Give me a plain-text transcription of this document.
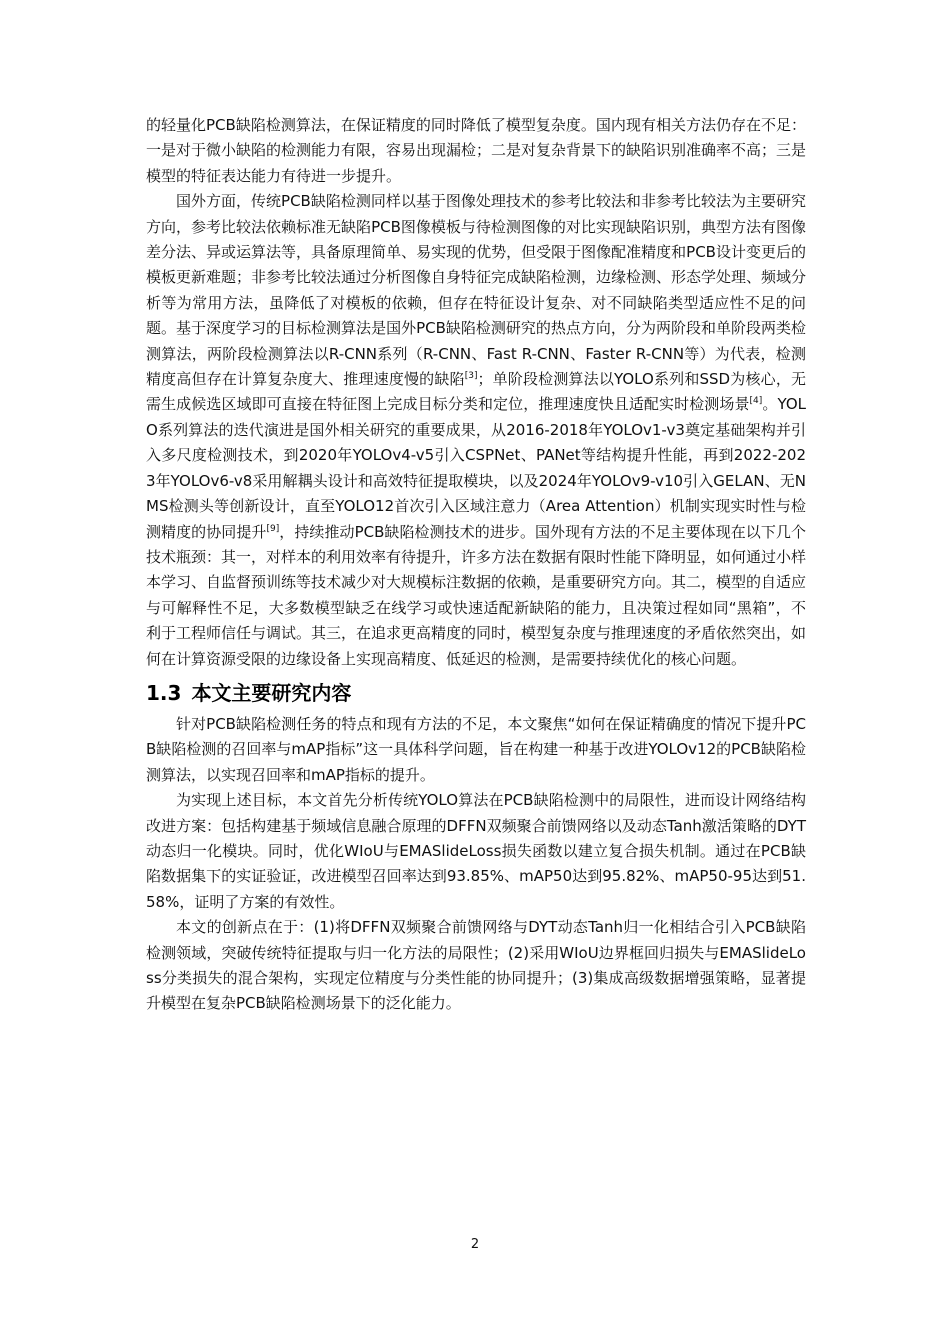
的轻量化PCB缺陷检测算法，在保证精度的同时降低了模型复杂度。国内现有相关方法仍存在不足：一是对于微小缺陷的检测能力有限，容易出现漏检；二是对复杂背景下的缺陷识别准确率不高；三是模型的特征表达能力有待进一步提升。

国外方面，传统PCB缺陷检测同样以基于图像处理技术的参考比较法和非参考比较法为主要研究方向，参考比较法依赖标准无缺陷PCB图像模板与待检测图像的对比实现缺陷识别，典型方法有图像差分法、异或运算法等，具备原理简单、易实现的优势，但受限于图像配准精度和PCB设计变更后的模板更新难题；非参考比较法通过分析图像自身特征完成缺陷检测，边缘检测、形态学处理、频域分析等为常用方法，虽降低了对模板的依赖，但存在特征设计复杂、对不同缺陷类型适应性不足的问题。基于深度学习的目标检测算法是国外PCB缺陷检测研究的热点方向，分为两阶段和单阶段两类检测算法，两阶段检测算法以R-CNN系列（R-CNN、Fast R-CNN、Faster R-CNN等）为代表，检测精度高但存在计算复杂度大、推理速度慢的缺陷[3]；单阶段检测算法以YOLO系列和SSD为核心，无需生成候选区域即可直接在特征图上完成目标分类和定位，推理速度快且适配实时检测场景[4]。YOLO系列算法的迭代演进是国外相关研究的重要成果，从2016-2018年YOLOv1-v3奠定基础架构并引入多尺度检测技术，到2020年YOLOv4-v5引入CSPNet、PANet等结构提升性能，再到2022-2023年YOLOv6-v8采用解耦头设计和高效特征提取模块，以及2024年YOLOv9-v10引入GELAN、无NMS检测头等创新设计，直至YOLO12首次引入区域注意力（Area Attention）机制实现实时性与检测精度的协同提升[9]，持续推动PCB缺陷检测技术的进步。国外现有方法的不足主要体现在以下几个技术瓶颈：其一，对样本的利用效率有待提升，许多方法在数据有限时性能下降明显，如何通过小样本学习、自监督预训练等技术减少对大规模标注数据的依赖，是重要研究方向。其二，模型的自适应与可解释性不足，大多数模型缺乏在线学习或快速适配新缺陷的能力，且决策过程如同“黑箱”，不利于工程师信任与调试。其三，在追求更高精度的同时，模型复杂度与推理速度的矛盾依然突出，如何在计算资源受限的边缘设备上实现高精度、低延迟的检测，是需要持续优化的核心问题。

1.3 本文主要研究内容

针对PCB缺陷检测任务的特点和现有方法的不足，本文聚焦“如何在保证精确度的情况下提升PCB缺陷检测的召回率与mAP指标”这一具体科学问题，旨在构建一种基于改进YOLOv12的PCB缺陷检测算法，以实现召回率和mAP指标的提升。

为实现上述目标，本文首先分析传统YOLO算法在PCB缺陷检测中的局限性，进而设计网络结构改进方案：包括构建基于频域信息融合原理的DFFN双频聚合前馈网络以及动态Tanh激活策略的DYT动态归一化模块。同时，优化WIoU与EMASlideLoss损失函数以建立复合损失机制。通过在PCB缺陷数据集下的实证验证，改进模型召回率达到93.85%、mAP50达到95.82%、mAP50-95达到51.58%，证明了方案的有效性。

本文的创新点在于：(1)将DFFN双频聚合前馈网络与DYT动态Tanh归一化相结合引入PCB缺陷检测领域，突破传统特征提取与归一化方法的局限性；(2)采用WIoU边界框回归损失与EMASlideLoss分类损失的混合架构，实现定位精度与分类性能的协同提升；(3)集成高级数据增强策略，显著提升模型在复杂PCB缺陷检测场景下的泛化能力。

2
